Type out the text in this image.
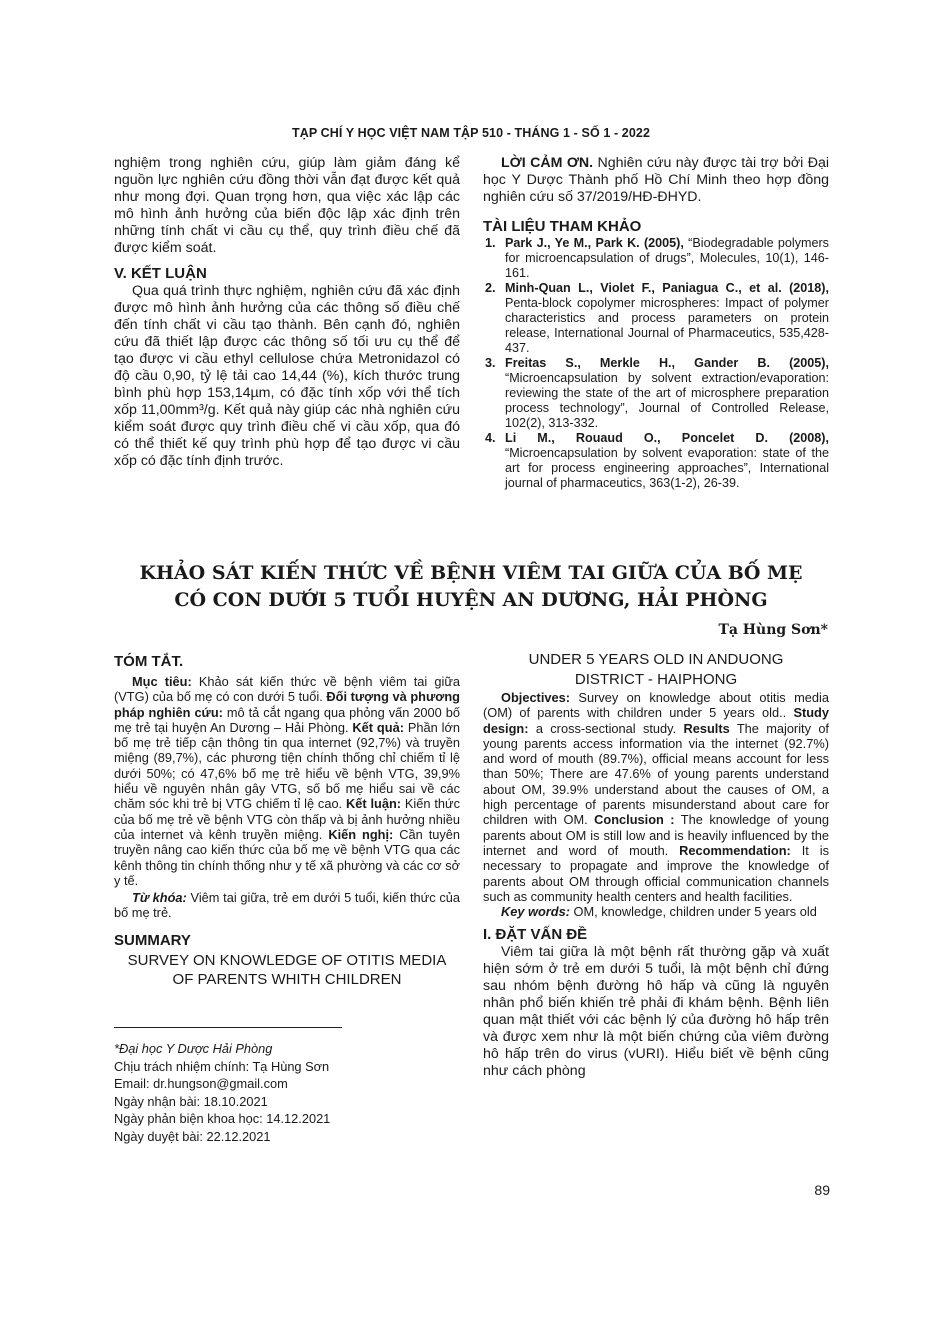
TẠP CHÍ Y HỌC VIỆT NAM TẬP 510 - THÁNG 1 - SỐ 1 - 2022

nghiệm trong nghiên cứu, giúp làm giảm đáng kể nguồn lực nghiên cứu đồng thời vẫn đạt được kết quả như mong đợi. Quan trọng hơn, qua việc xác lập các mô hình ảnh hưởng của biến độc lập xác định trên những tính chất vi cầu cụ thể, quy trình điều chế đã được kiểm soát.

V. KẾT LUẬN

Qua quá trình thực nghiệm, nghiên cứu đã xác định được mô hình ảnh hưởng của các thông số điều chế đến tính chất vi cầu tạo thành. Bên cạnh đó, nghiên cứu đã thiết lập được các thông số tối ưu cụ thể để tạo được vi cầu ethyl cellulose chứa Metronidazol có độ cầu 0,90, tỷ lệ tải cao 14,44 (%), kích thước trung bình phù hợp 153,14µm, có đặc tính xốp với thể tích xốp 11,00mm³/g. Kết quả này giúp các nhà nghiên cứu kiểm soát được quy trình điều chế vi cầu xốp, qua đó có thể thiết kế quy trình phù hợp để tạo được vi cầu xốp có đặc tính định trước.

LỜI CẢM ƠN. Nghiên cứu này được tài trợ bởi Đại học Y Dược Thành phố Hồ Chí Minh theo hợp đồng nghiên cứu số 37/2019/HĐ-ĐHYD.

TÀI LIỆU THAM KHẢO
1. Park J., Ye M., Park K. (2005), “Biodegradable polymers for microencapsulation of drugs”, Molecules, 10(1), 146-161.
2. Minh-Quan L., Violet F., Paniagua C., et al. (2018), Penta-block copolymer microspheres: Impact of polymer characteristics and process parameters on protein release, International Journal of Pharmaceutics, 535,428-437.
3. Freitas S., Merkle H., Gander B. (2005), “Microencapsulation by solvent extraction/evaporation: reviewing the state of the art of microsphere preparation process technology”, Journal of Controlled Release, 102(2), 313-332.
4. Li M., Rouaud O., Poncelet D. (2008), “Microencapsulation by solvent evaporation: state of the art for process engineering approaches”, International journal of pharmaceutics, 363(1-2), 26-39.
KHẢO SÁT KIẾN THỨC VỀ BỆNH VIÊM TAI GIỮA CỦA BỐ MẸ
CÓ CON DƯỚI 5 TUỔI HUYỆN AN DƯƠNG, HẢI PHÒNG
Tạ Hùng Sơn*
TÓM TẮT.

Mục tiêu: Khảo sát kiến thức về bệnh viêm tai giữa (VTG) của bố mẹ có con dưới 5 tuổi. Đối tượng và phương pháp nghiên cứu: mô tả cắt ngang qua phỏng vấn 2000 bố mẹ trẻ tại huyện An Dương – Hải Phòng. Kết quả: Phần lớn bố mẹ trẻ tiếp cận thông tin qua internet (92,7%) và truyền miệng (89,7%), các phương tiện chính thống chỉ chiếm tỉ lệ dưới 50%; có 47,6% bố mẹ trẻ hiểu về bệnh VTG, 39,9% hiểu về nguyên nhân gây VTG, số bố mẹ hiểu sai về các chăm sóc khi trẻ bị VTG chiếm tỉ lệ cao. Kết luận: Kiến thức của bố mẹ trẻ về bệnh VTG còn thấp và bị ảnh hưởng nhiều của internet và kênh truyền miệng. Kiến nghị: Cần tuyên truyền nâng cao kiến thức của bố mẹ về bệnh VTG qua các kênh thông tin chính thống như y tế xã phường và các cơ sở y tế.

Từ khóa: Viêm tai giữa, trẻ em dưới 5 tuổi, kiến thức của bố mẹ trẻ.

SUMMARY

SURVEY ON KNOWLEDGE OF OTITIS MEDIA OF PARENTS WHITH CHILDREN

*Đại học Y Dược Hải Phòng
Chịu trách nhiệm chính: Tạ Hùng Sơn
Email: dr.hungson@gmail.com
Ngày nhận bài: 18.10.2021
Ngày phản biện khoa học: 14.12.2021
Ngày duyệt bài: 22.12.2021

UNDER 5 YEARS OLD IN ANDUONG DISTRICT - HAIPHONG

Objectives: Survey on knowledge about otitis media (OM) of parents with children under 5 years old.. Study design: a cross-sectional study. Results The majority of young parents access information via the internet (92.7%) and word of mouth (89.7%), official means account for less than 50%; There are 47.6% of young parents understand about OM, 39.9% understand about the causes of OM, a high percentage of parents misunderstand about care for children with OM. Conclusion : The knowledge of young parents about OM is still low and is heavily influenced by the internet and word of mouth. Recommendation: It is necessary to propagate and improve the knowledge of parents about OM through official communication channels such as community health centers and health facilities.

Key words: OM, knowledge, children under 5 years old

I. ĐẶT VẤN ĐỀ

Viêm tai giữa là một bệnh rất thường gặp và xuất hiện sớm ở trẻ em dưới 5 tuổi, là một bệnh chỉ đứng sau nhóm bệnh đường hô hấp và cũng là nguyên nhân phổ biến khiến trẻ phải đi khám bệnh. Bệnh liên quan mật thiết với các bệnh lý của đường hô hấp trên và được xem như là một biến chứng của viêm đường hô hấp trên do virus (vURI). Hiểu biết về bệnh cũng như cách phòng

89
